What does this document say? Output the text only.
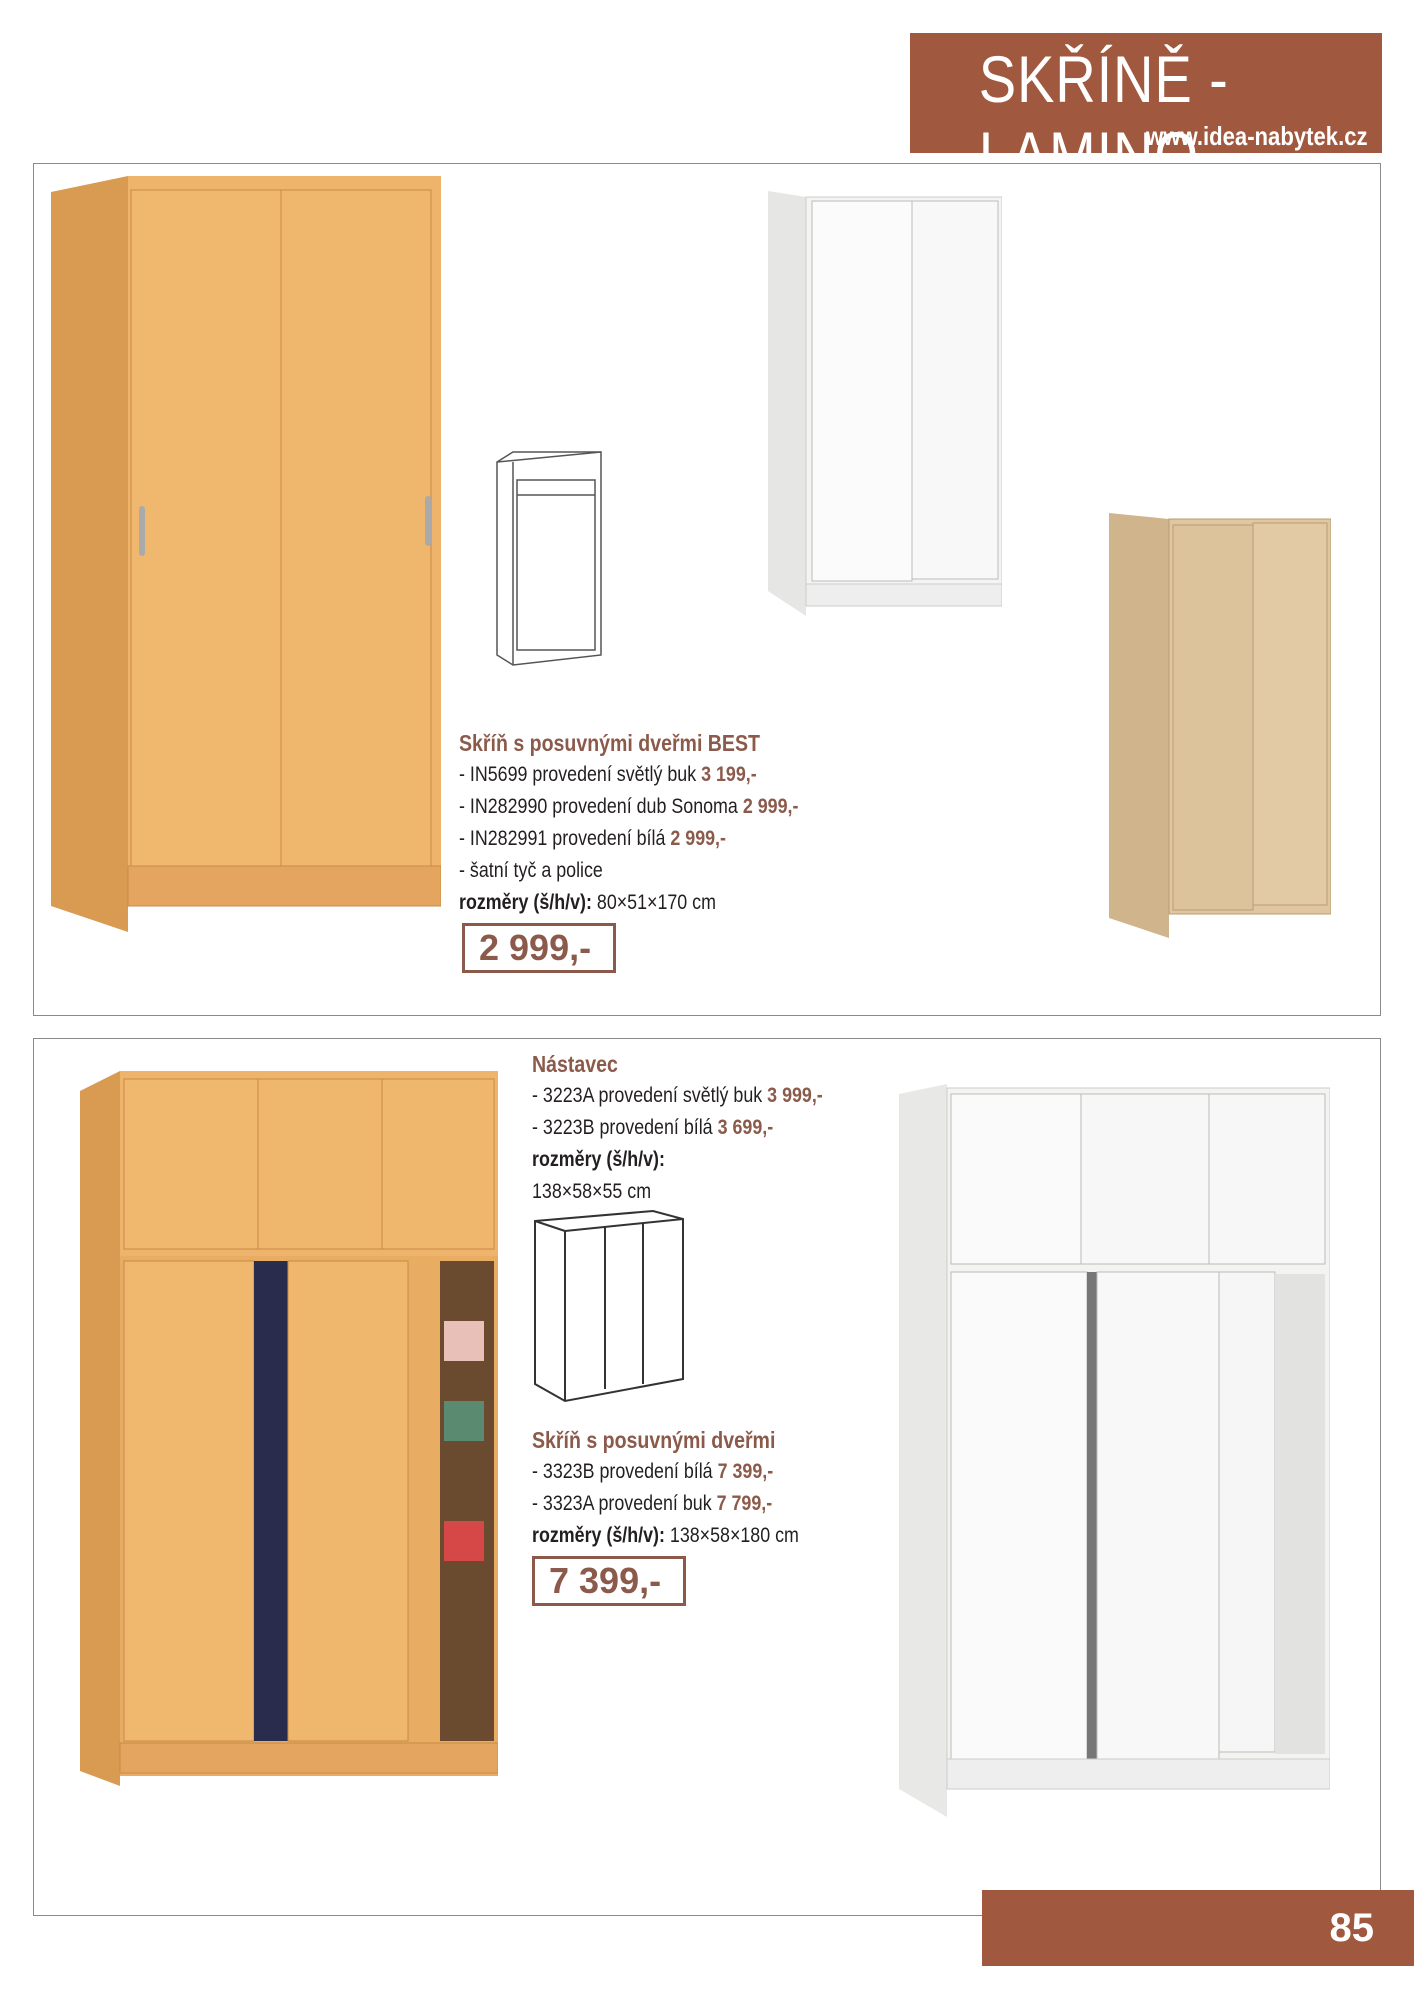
SKŘÍNĚ - LAMINO
www.idea-nabytek.cz
Skříň s posuvnými dveřmi BEST
- IN5699 provedení světlý buk 3 199,-
- IN282990 provedení dub Sonoma 2 999,-
- IN282991 provedení bílá 2 999,-
- šatní tyč a police
rozměry (š/h/v): 80×51×170 cm
2 999,-
Nástavec
- 3223A provedení světlý buk 3 999,-
- 3223B provedení bílá 3 699,-
rozměry (š/h/v):
138×58×55 cm
Skříň s posuvnými dveřmi
- 3323B provedení bílá 7 399,-
- 3323A provedení buk 7 799,-
rozměry (š/h/v): 138×58×180 cm
7 399,-
85
